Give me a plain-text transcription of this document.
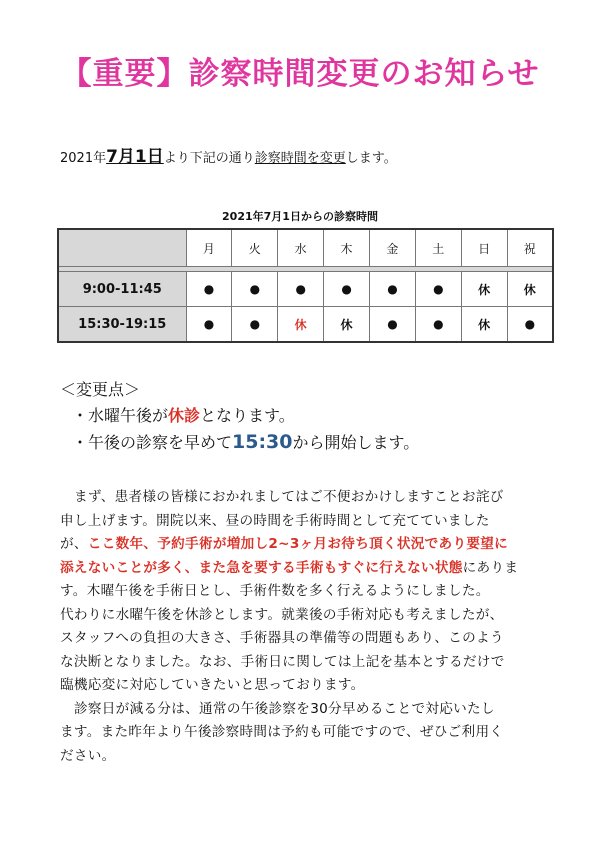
【重要】診察時間変更のお知らせ
2021年7月1日より下記の通り診察時間を変更します。
2021年7月1日からの診察時間
	月	火	水	木	金	土	日	祝

9:00-11:45	●	●	●	●	●	●	休	休
15:30-19:15	●	●	休	休	●	●	休	●
＜変更点＞
・水曜午後が休診となります。
・午後の診察を早めて15:30から開始します。
まず、患者様の皆様におかれましてはご不便おかけしますことお詫び
申し上げます。開院以来、昼の時間を手術時間として充てていました
が、ここ数年、予約手術が増加し2~3ヶ月お待ち頂く状況であり要望に
添えないことが多く、また急を要する手術もすぐに行えない状態にありま
す。木曜午後を手術日とし、手術件数を多く行えるようにしました。
代わりに水曜午後を休診とします。就業後の手術対応も考えましたが、
スタッフへの負担の大きさ、手術器具の準備等の問題もあり、このよう
な決断となりました。なお、手術日に関しては上記を基本とするだけで
臨機応変に対応していきたいと思っております。
診察日が減る分は、通常の午後診察を30分早めることで対応いたし
ます。また昨年より午後診察時間は予約も可能ですので、ぜひご利用く
ださい。
